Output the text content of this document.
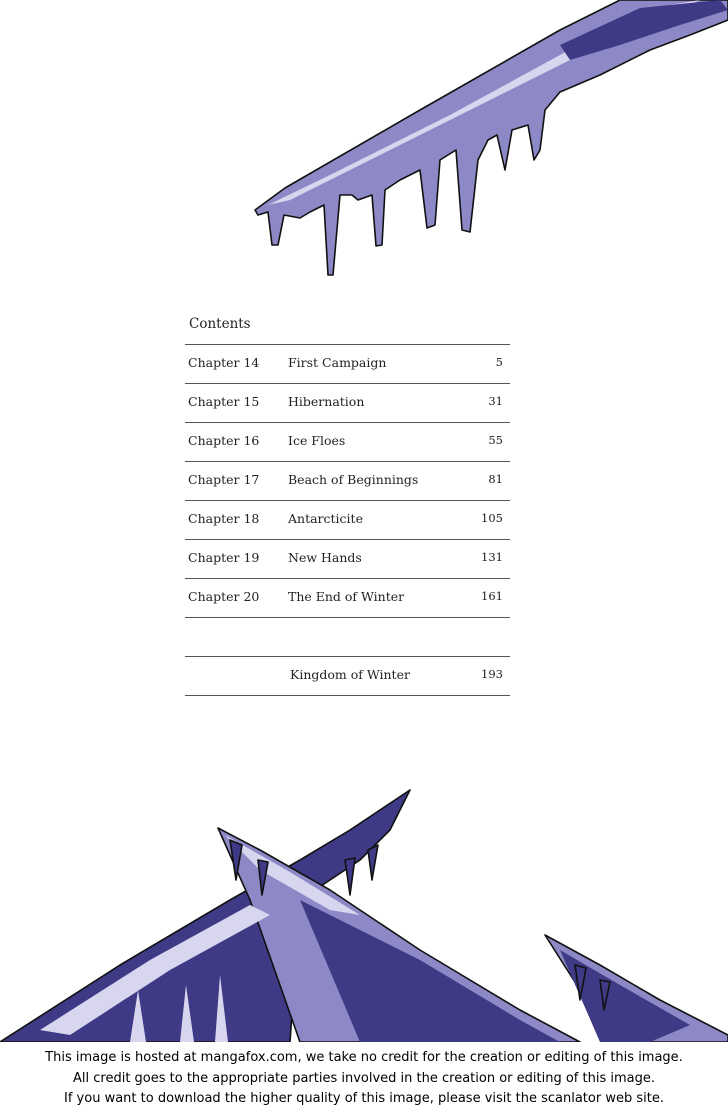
Contents
Chapter 14 First Campaign	5
Chapter 15 Hibernation	31
Chapter 16 Ice Floes	55
Chapter 17 Beach of Beginnings	81
Chapter 18 Antarcticite	105
Chapter 19 New Hands	131
Chapter 20 The End of Winter	161
Kingdom of Winter	193
This image is hosted at mangafox.com, we take no credit for the creation or editing of this image.
All credit goes to the appropriate parties involved in the creation or editing of this image.
If you want to download the higher quality of this image, please visit the scanlator web site.
